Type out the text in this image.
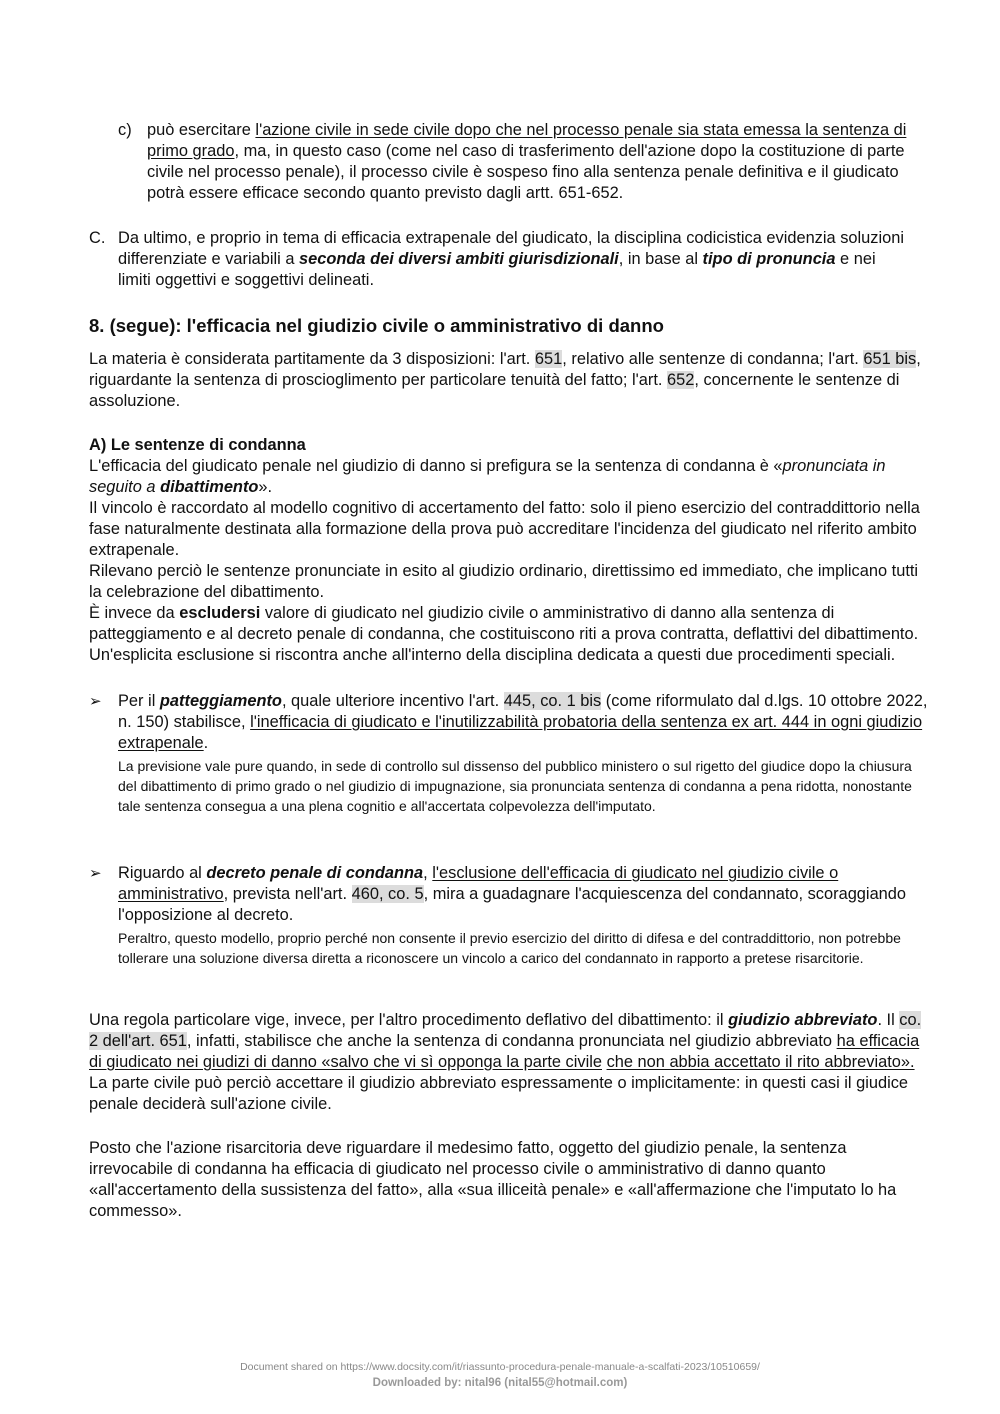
c) può esercitare l'azione civile in sede civile dopo che nel processo penale sia stata emessa la sentenza di primo grado, ma, in questo caso (come nel caso di trasferimento dell'azione dopo la costituzione di parte civile nel processo penale), il processo civile è sospeso fino alla sentenza penale definitiva e il giudicato potrà essere efficace secondo quanto previsto dagli artt. 651-652.
C. Da ultimo, e proprio in tema di efficacia extrapenale del giudicato, la disciplina codicistica evidenzia soluzioni differenziate e variabili a seconda dei diversi ambiti giurisdizionali, in base al tipo di pronuncia e nei limiti oggettivi e soggettivi delineati.
8. (segue): l'efficacia nel giudizio civile o amministrativo di danno
La materia è considerata partitamente da 3 disposizioni: l'art. 651, relativo alle sentenze di condanna; l'art. 651 bis, riguardante la sentenza di proscioglimento per particolare tenuità del fatto; l'art. 652, concernente le sentenze di assoluzione.
A) Le sentenze di condanna
L'efficacia del giudicato penale nel giudizio di danno si prefigura se la sentenza di condanna è «pronunciata in seguito a dibattimento».
Il vincolo è raccordato al modello cognitivo di accertamento del fatto: solo il pieno esercizio del contraddittorio nella fase naturalmente destinata alla formazione della prova può accreditare l'incidenza del giudicato nel riferito ambito extrapenale.
Rilevano perciò le sentenze pronunciate in esito al giudizio ordinario, direttissimo ed immediato, che implicano tutti la celebrazione del dibattimento.
È invece da escludersi valore di giudicato nel giudizio civile o amministrativo di danno alla sentenza di patteggiamento e al decreto penale di condanna, che costituiscono riti a prova contratta, deflattivi del dibattimento. Un'esplicita esclusione si riscontra anche all'interno della disciplina dedicata a questi due procedimenti speciali.
➢ Per il patteggiamento, quale ulteriore incentivo l'art. 445, co. 1 bis (come riformulato dal d.lgs. 10 ottobre 2022, n. 150) stabilisce, l'inefficacia di giudicato e l'inutilizzabilità probatoria della sentenza ex art. 444 in ogni giudizio extrapenale.
La previsione vale pure quando, in sede di controllo sul dissenso del pubblico ministero o sul rigetto del giudice dopo la chiusura del dibattimento di primo grado o nel giudizio di impugnazione, sia pronunciata sentenza di condanna a pena ridotta, nonostante tale sentenza consegua a una plena cognitio e all'accertata colpevolezza dell'imputato.
➢ Riguardo al decreto penale di condanna, l'esclusione dell'efficacia di giudicato nel giudizio civile o amministrativo, prevista nell'art. 460, co. 5, mira a guadagnare l'acquiescenza del condannato, scoraggiando l'opposizione al decreto.
Peraltro, questo modello, proprio perché non consente il previo esercizio del diritto di difesa e del contraddittorio, non potrebbe tollerare una soluzione diversa diretta a riconoscere un vincolo a carico del condannato in rapporto a pretese risarcitorie.
Una regola particolare vige, invece, per l'altro procedimento deflativo del dibattimento: il giudizio abbreviato. Il co. 2 dell'art. 651, infatti, stabilisce che anche la sentenza di condanna pronunciata nel giudizio abbreviato ha efficacia di giudicato nei giudizi di danno «salvo che vi sì opponga la parte civile che non abbia accettato il rito abbreviato». La parte civile può perciò accettare il giudizio abbreviato espressamente o implicitamente: in questi casi il giudice penale deciderà sull'azione civile.
Posto che l'azione risarcitoria deve riguardare il medesimo fatto, oggetto del giudizio penale, la sentenza irrevocabile di condanna ha efficacia di giudicato nel processo civile o amministrativo di danno quanto «all'accertamento della sussistenza del fatto», alla «sua illiceità penale» e «all'affermazione che l'imputato lo ha commesso».
Document shared on https://www.docsity.com/it/riassunto-procedura-penale-manuale-a-scalfati-2023/10510659/
Downloaded by: nital96 (nital55@hotmail.com)
